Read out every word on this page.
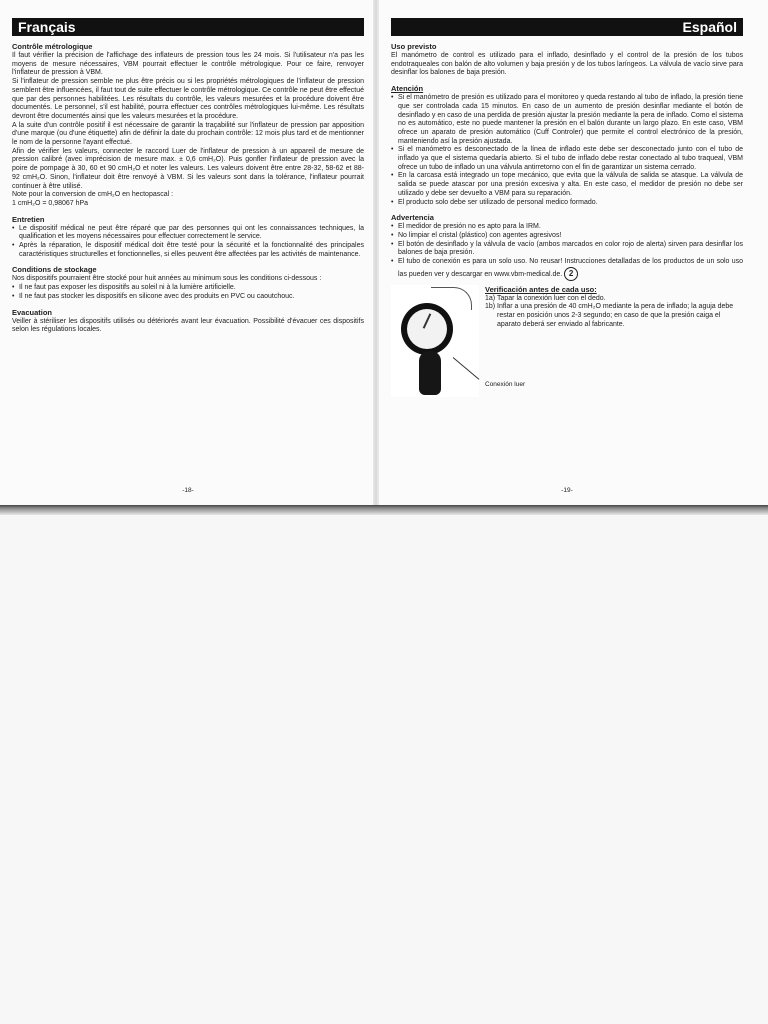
Français
Contrôle métrologique

Il faut vérifier la précision de l'affichage des inflateurs de pression tous les 24 mois. Si l'utilisateur n'a pas les moyens de mesure nécessaires, VBM pourrait effectuer le contrôle métrologique. Pour ce faire, renvoyer l'inflateur de pression à VBM.

Si l'inflateur de pression semble ne plus être précis ou si les propriétés métrologiques de l'inflateur de pression semblent être influencées, il faut tout de suite effectuer le contrôle métrologique. Ce contrôle ne peut être effectué que par des personnes habilitées. Les résultats du contrôle, les valeurs mesurées et la procédure doivent être documentés. Le personnel, s'il est habilité, pourra effectuer ces contrôles métrologiques lui-même. Les résultats devront être documentés ainsi que les valeurs mesurées et la procédure.

A la suite d'un contrôle positif il est nécessaire de garantir la traçabilité sur l'inflateur de pression par apposition d'une marque (ou d'une étiquette) afin de définir la date du prochain contrôle: 12 mois plus tard et de mentionner le nom de la personne l'ayant effectué.

Afin de vérifier les valeurs, connecter le raccord Luer de l'inflateur de pression à un appareil de mesure de pression calibré (avec imprécision de mesure max. ± 0,6 cmH₂O). Puis gonfler l'inflateur de pression avec la poire de pompage à 30, 60 et 90 cmH₂O et noter les valeurs. Les valeurs doivent être entre 28-32, 58-62 et 88-92 cmH₂O. Sinon, l'inflateur doit être renvoyé à VBM. Si les valeurs sont dans la tolérance, l'inflateur pourrait continuer à être utilisé.

Note pour la conversion de cmH₂O en hectopascal :

1 cmH₂O = 0,98067 hPa

Entretien
• Le dispositif médical ne peut être réparé que par des personnes qui ont les connaissances techniques, la qualification et les moyens nécessaires pour effectuer correctement le service.
• Après la réparation, le dispositif médical doit être testé pour la sécurité et la fonctionnalité des principales caractéristiques structurelles et fonctionnelles, si elles peuvent être affectées par les activités de maintenance.
Conditions de stockage

Nos dispositifs pourraient être stocké pour huit années au minimum sous les conditions ci-dessous :

• Il ne faut pas exposer les dispositifs au soleil ni à la lumière artificielle.
• Il ne faut pas stocker les dispositifs en silicone avec des produits en PVC ou caoutchouc.
Evacuation

Veiller à stériliser les dispositifs utilisés ou détériorés avant leur évacuation. Possibilité d'évacuer ces dispositifs selon les régulations locales.

-18-
Español
Uso previsto

El manómetro de control es utilizado para el inflado, desinflado y el control de la presión de los tubos endotraqueales con balón de alto volumen y baja presión y de los tubos laríngeos. La válvula de vacío sirve para desinflar los balones de baja presión.

Atención
• Si el manómetro de presión es utilizado para el monitoreo y queda restando al tubo de inflado, la presión tiene que ser controlada cada 15 minutos. En caso de un aumento de presión desinflar mediante el botón de desinflado y en caso de una perdida de presión ajustar la presión mediante la pera de inflado. Como el sistema no es automático, este no puede mantener la presión en el balón durante un largo plazo. En este caso, VBM ofrece un aparato de presión automático (Cuff Controler) que permite el control electrónico de la presión, manteniendo así la presión ajustada.
• Si el manómetro es desconectado de la línea de inflado este debe ser desconectado junto con el tubo de inflado ya que el sistema quedaría abierto. Si el tubo de inflado debe restar conectado al tubo traqueal, VBM ofrece un tubo de inflado un una válvula antirretorno con el fin de garantizar un sistema cerrado.
• En la carcasa está integrado un tope mecánico, que evita que la válvula de salida se atasque. La válvula de salida se puede atascar por una presión excesiva y alta. En este caso, el medidor de presión no debe ser utilizado y debe ser devuelto a VBM para su reparación.
• El producto solo debe ser utilizado de personal medico formado.
Advertencia
• El medidor de presión no es apto para la IRM.
• No limpiar el cristal (plástico) con agentes agresivos!
• El botón de desinflado y la válvula de vacío (ambos marcados en color rojo de alerta) sirven para desinflar los balones de baja presión.
• El tubo de conexión es para un solo uso. No reusar! Instrucciones detalladas de los productos de un solo uso las pueden ver y descargar en www.vbm-medical.de. 2
Conexión luer
Verificación antes de cada uso:
1a) Tapar la conexión luer con el dedo.
1b) Inflar a una presión de 40 cmH₂O mediante la pera de inflado; la aguja debe restar en posición unos 2-3 segundo; en caso de que la presión caiga el aparato deberá ser enviado al fabricante.
-19-
